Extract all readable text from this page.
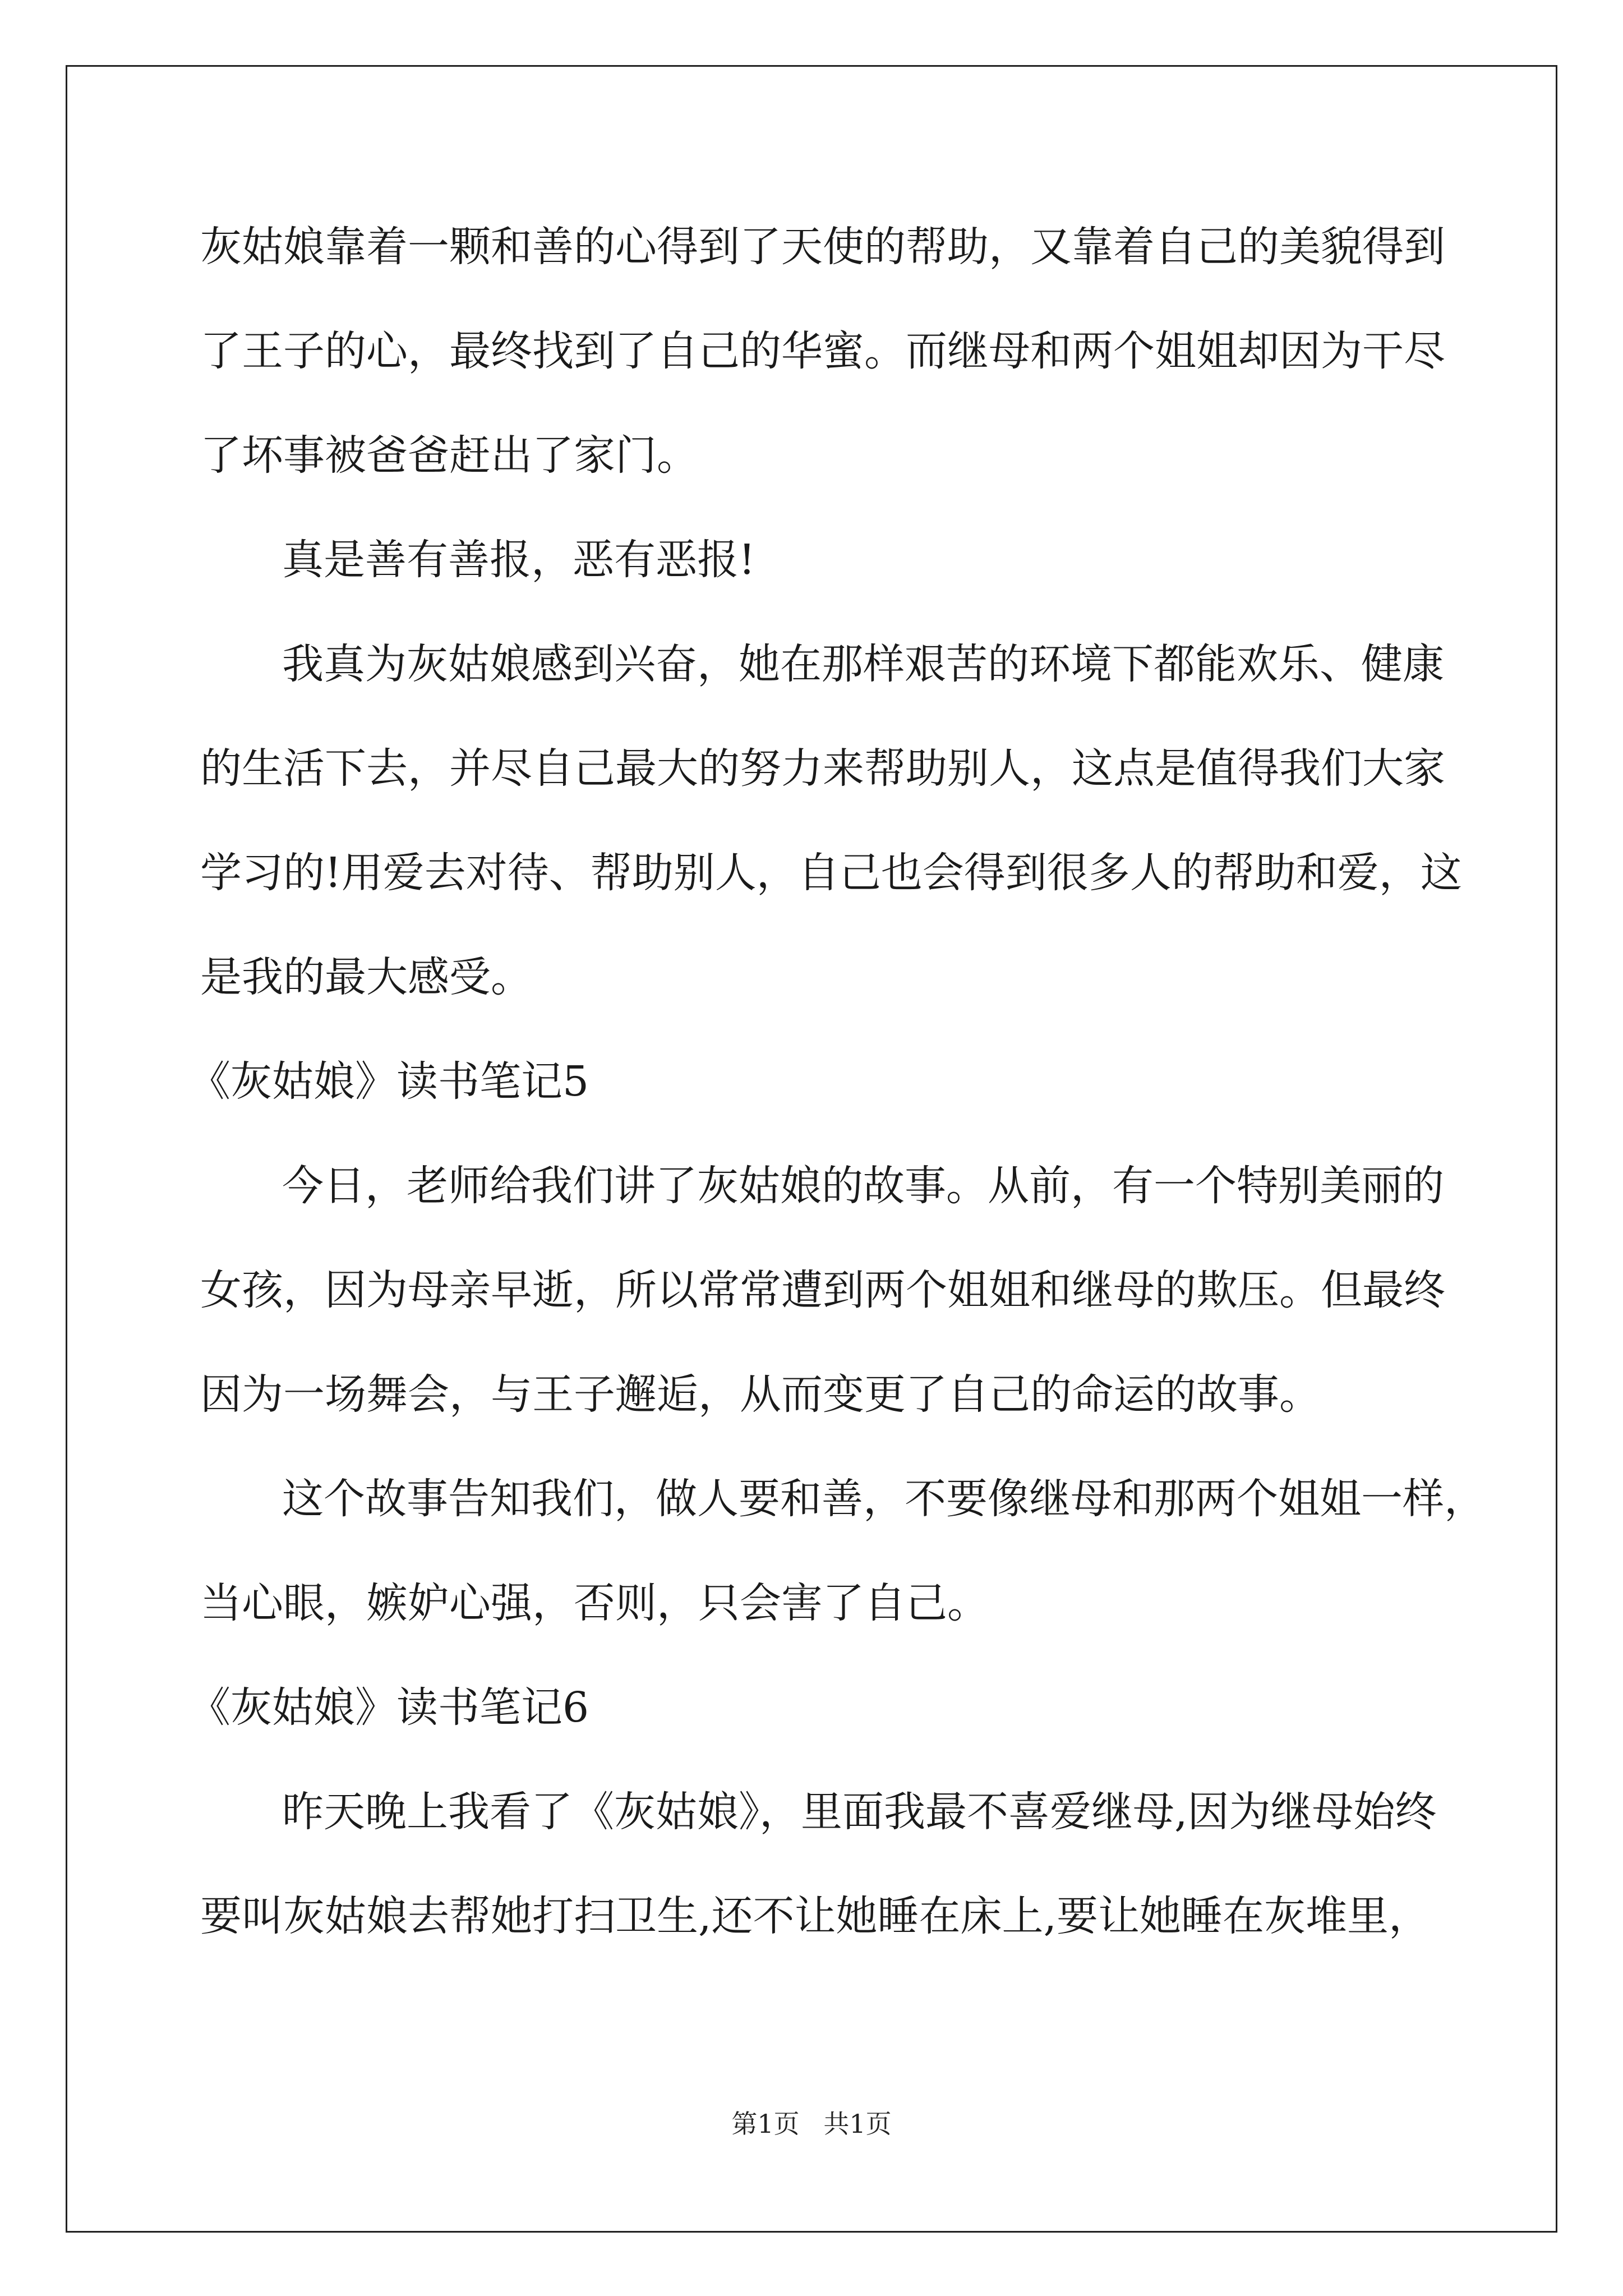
灰姑娘靠着一颗和善的心得到了天使的帮助，又靠着自己的美貌得到
了王子的心，最终找到了自己的华蜜。而继母和两个姐姐却因为干尽
了坏事被爸爸赶出了家门。
真是善有善报，恶有恶报!
我真为灰姑娘感到兴奋，她在那样艰苦的环境下都能欢乐、健康
的生活下去，并尽自己最大的努力来帮助别人，这点是值得我们大家
学习的!用爱去对待、帮助别人，自己也会得到很多人的帮助和爱，这
是我的最大感受。
《灰姑娘》读书笔记5
今日，老师给我们讲了灰姑娘的故事。从前，有一个特别美丽的
女孩，因为母亲早逝，所以常常遭到两个姐姐和继母的欺压。但最终
因为一场舞会，与王子邂逅，从而变更了自己的命运的故事。
这个故事告知我们，做人要和善，不要像继母和那两个姐姐一样，
当心眼，嫉妒心强，否则，只会害了自己。
《灰姑娘》读书笔记6
昨天晚上我看了《灰姑娘》，里面我最不喜爱继母,因为继母始终
要叫灰姑娘去帮她打扫卫生,还不让她睡在床上,要让她睡在灰堆里，
第1页 共1页
